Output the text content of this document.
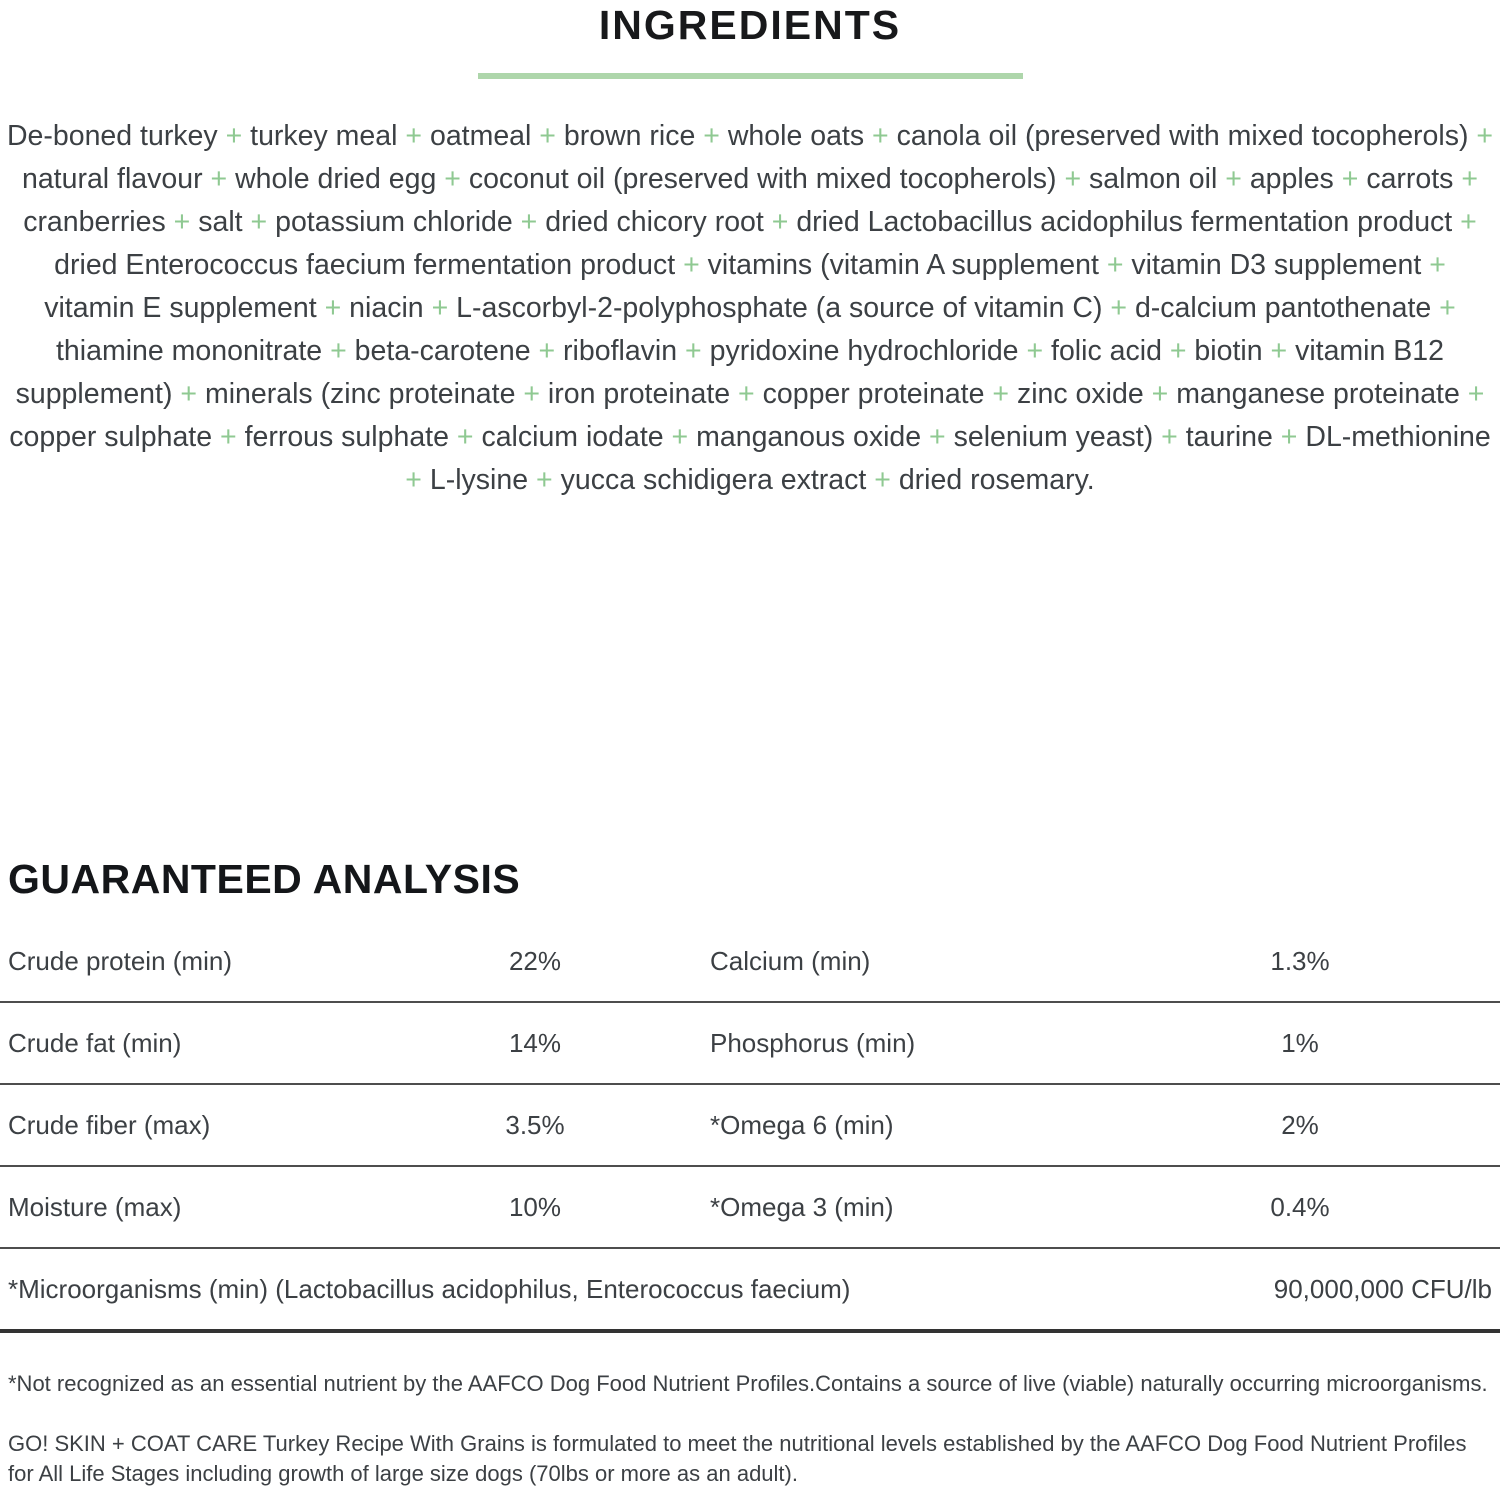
INGREDIENTS

De-boned turkey + turkey meal + oatmeal + brown rice + whole oats + canola oil (preserved with mixed tocopherols) + natural flavour + whole dried egg + coconut oil (preserved with mixed tocopherols) + salmon oil + apples + carrots + cranberries + salt + potassium chloride + dried chicory root + dried Lactobacillus acidophilus fermentation product + dried Enterococcus faecium fermentation product + vitamins (vitamin A supplement + vitamin D3 supplement + vitamin E supplement + niacin + L-ascorbyl-2-polyphosphate (a source of vitamin C) + d-calcium pantothenate + thiamine mononitrate + beta-carotene + riboflavin + pyridoxine hydrochloride + folic acid + biotin + vitamin B12 supplement) + minerals (zinc proteinate + iron proteinate + copper proteinate + zinc oxide + manganese proteinate + copper sulphate + ferrous sulphate + calcium iodate + manganous oxide + selenium yeast) + taurine + DL-methionine + L-lysine + yucca schidigera extract + dried rosemary.

GUARANTEED ANALYSIS
Crude protein (min)	22%	Calcium (min)	1.3%
Crude fat (min)	14%	Phosphorus (min)	1%
Crude fiber (max)	3.5%	*Omega 6 (min)	2%
Moisture (max)	10%	*Omega 3 (min)	0.4%
*Microorganisms (min) (Lactobacillus acidophilus, Enterococcus faecium)	90,000,000 CFU/lb

*Not recognized as an essential nutrient by the AAFCO Dog Food Nutrient Profiles.Contains a source of live (viable) naturally occurring microorganisms.

GO! SKIN + COAT CARE Turkey Recipe With Grains is formulated to meet the nutritional levels established by the AAFCO Dog Food Nutrient Profiles for All Life Stages including growth of large size dogs (70lbs or more as an adult).
